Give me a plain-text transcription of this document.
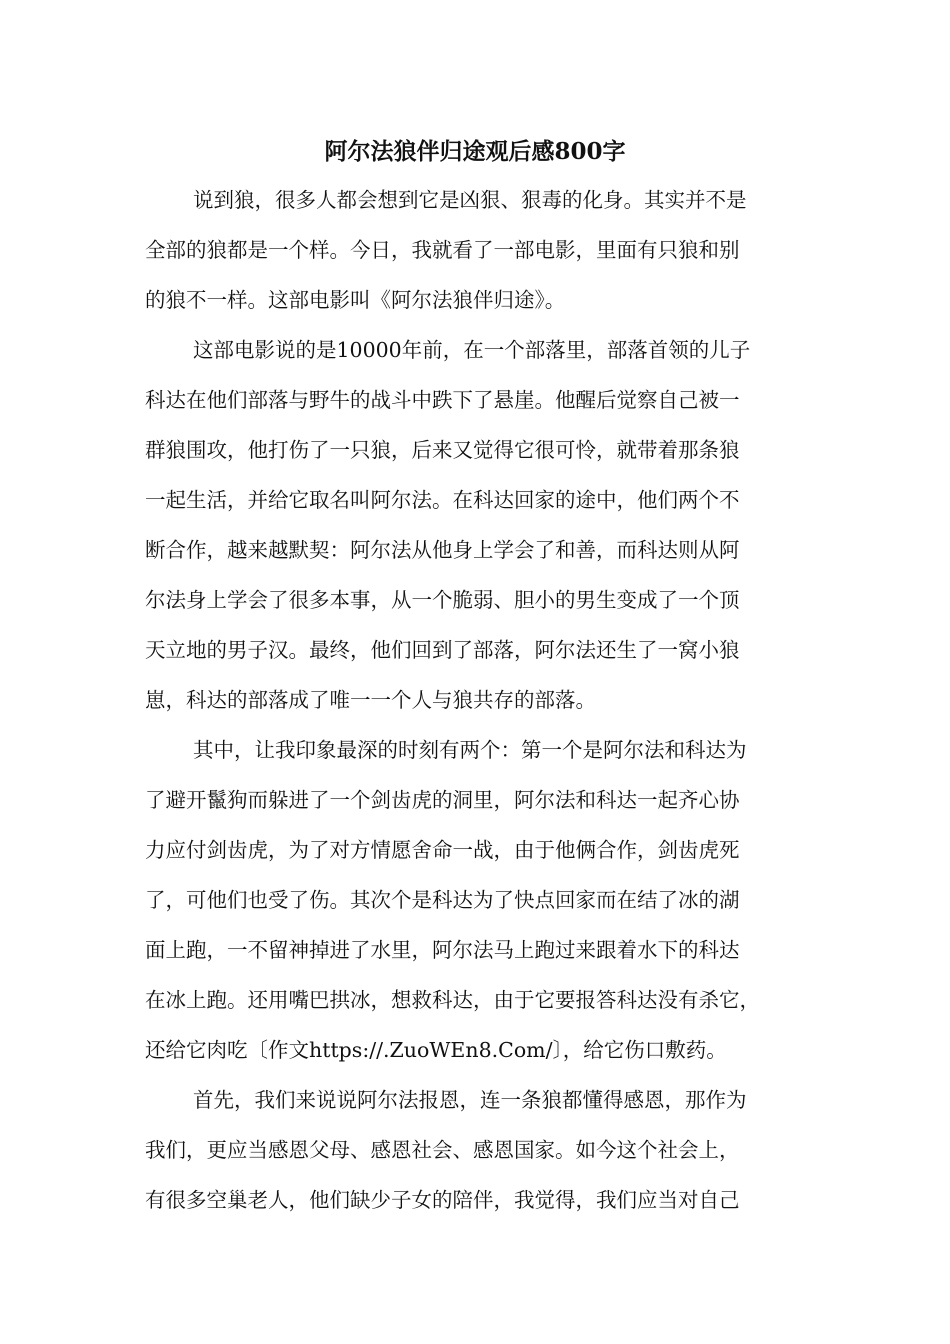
阿尔法狼伴归途观后感800字
说到狼，很多人都会想到它是凶狠、狠毒的化身。其实并不是
全部的狼都是一个样。今日，我就看了一部电影，里面有只狼和别
的狼不一样。这部电影叫《阿尔法狼伴归途》。
这部电影说的是10000年前，在一个部落里，部落首领的儿子
科达在他们部落与野牛的战斗中跌下了悬崖。他醒后觉察自己被一
群狼围攻，他打伤了一只狼，后来又觉得它很可怜，就带着那条狼
一起生活，并给它取名叫阿尔法。在科达回家的途中，他们两个不
断合作，越来越默契：阿尔法从他身上学会了和善，而科达则从阿
尔法身上学会了很多本事，从一个脆弱、胆小的男生变成了一个顶
天立地的男子汉。最终，他们回到了部落，阿尔法还生了一窝小狼
崽，科达的部落成了唯一一个人与狼共存的部落。
其中，让我印象最深的时刻有两个：第一个是阿尔法和科达为
了避开鬣狗而躲进了一个剑齿虎的洞里，阿尔法和科达一起齐心协
力应付剑齿虎，为了对方情愿舍命一战，由于他俩合作，剑齿虎死
了，可他们也受了伤。其次个是科达为了快点回家而在结了冰的湖
面上跑，一不留神掉进了水里，阿尔法马上跑过来跟着水下的科达
在冰上跑。还用嘴巴拱冰，想救科达，由于它要报答科达没有杀它，
还给它肉吃〔作文https://.ZuoWEn8.Com/〕，给它伤口敷药。
首先，我们来说说阿尔法报恩，连一条狼都懂得感恩，那作为
我们，更应当感恩父母、感恩社会、感恩国家。如今这个社会上，
有很多空巢老人，他们缺少子女的陪伴，我觉得，我们应当对自己
